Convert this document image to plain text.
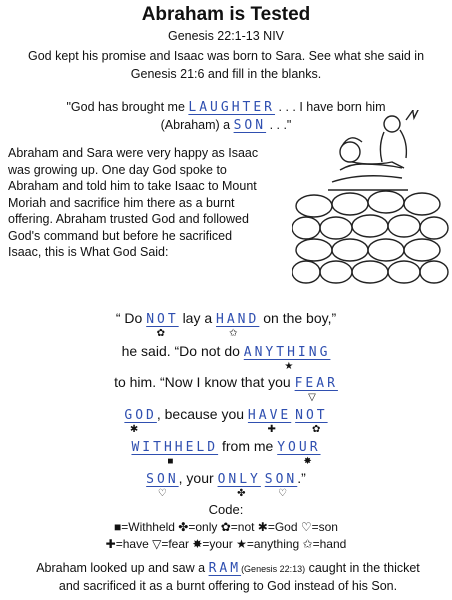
Abraham is Tested
Genesis 22:1-13 NIV
God kept his promise and Isaac was born to Sara. See what she said in
Genesis 21:6 and fill in the blanks.
"God has brought me LAUGHTER . . . I have born him
(Abraham) a SON . . ."
Abraham and Sara were very happy as Isaac
was growing up. One day God spoke to
Abraham and told him to take Isaac to Mount
Moriah and sacrifice him there as a burnt
offering. Abraham trusted God and followed
God's command but before he sacrificed
Isaac, this is What God Said:
“ Do NOT
✿
lay a HAND
✩
on the boy,”
he said. “Do not do ANYTHING
★
to him. “Now I know that you FEAR
▽
GOD
✱
, because you HAVE
✚
NOT
✿
WITHHELD
■
from me YOUR
✸
SON
♡
, your ONLY
✤
SON
♡
.”
Code:
■=Withheld ✤=only ✿=not ✱=God ♡=son
✚=have ▽=fear ✸=your ★=anything ✩=hand
Abraham looked up and saw a RAM(Genesis 22:13) caught in the thicket
and sacrificed it as a burnt offering to God instead of his Son.
